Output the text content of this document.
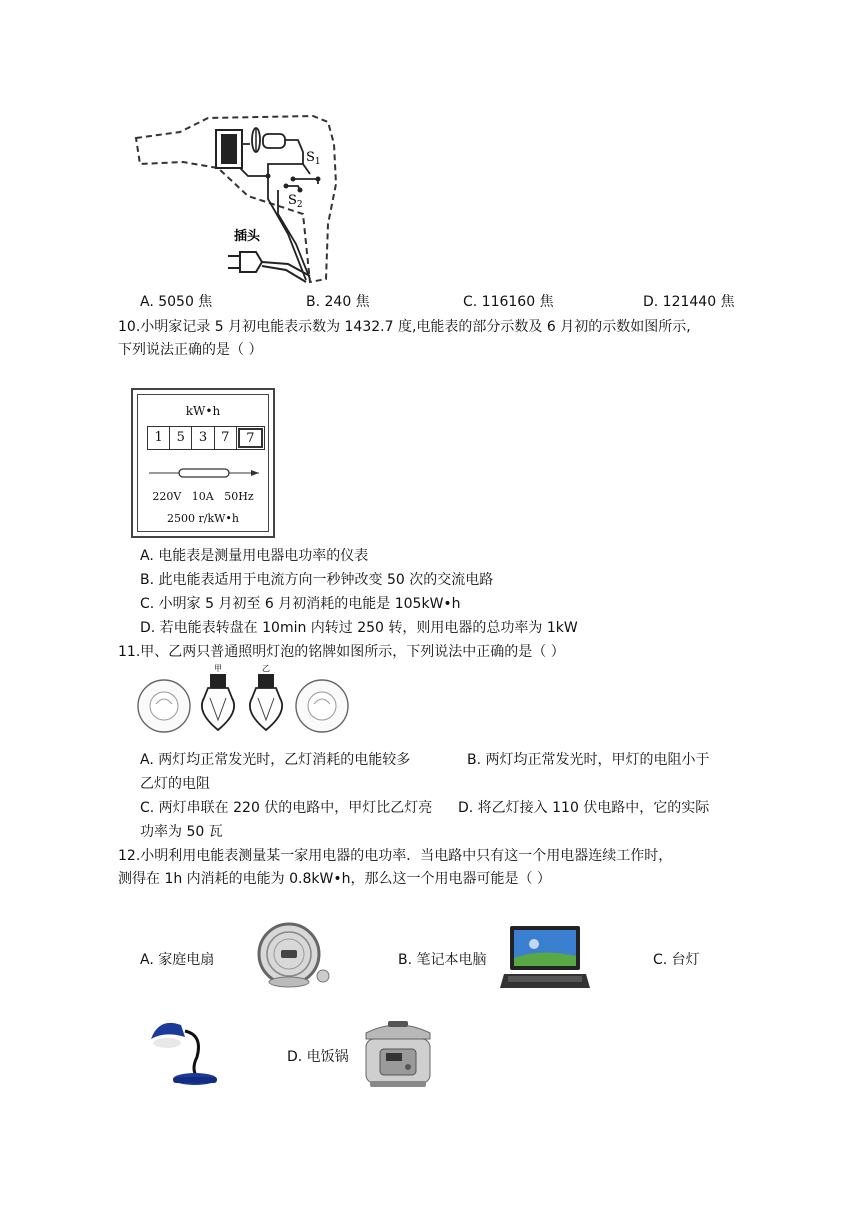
$S_1$
$S_2$
插头
A. 5050 焦	B. 240 焦	C. 116160 焦	D. 121440 焦
10.小明家记录 5 月初电能表示数为 1432.7 度,电能表的部分示数及 6 月初的示数如图所示,
下列说法正确的是（ ）
kW•h
1	5	3	7	7
220V   10A   50Hz
2500 r/kW•h
A. 电能表是测量用电器电功率的仪表
B. 此电能表适用于电流方向一秒钟改变 50 次的交流电路
C. 小明家 5 月初至 6 月初消耗的电能是 105kW•h
D. 若电能表转盘在 10min 内转过 250 转，则用电器的总功率为 1kW
11.甲、乙两只普通照明灯泡的铭牌如图所示，下列说法中正确的是（ ）
甲	乙
A. 两灯均正常发光时，乙灯消耗的电能较多	B. 两灯均正常发光时，甲灯的电阻小于
乙灯的电阻
C. 两灯串联在 220 伏的电路中，甲灯比乙灯亮 D. 将乙灯接入 110 伏电路中，它的实际
功率为 50 瓦
12.小明利用电能表测量某一家用电器的电功率．当电路中只有这一个用电器连续工作时，
测得在 1h 内消耗的电能为 0.8kW•h，那么这一个用电器可能是（ ）
A. 家庭电扇	B. 笔记本电脑	C. 台灯
D. 电饭锅
